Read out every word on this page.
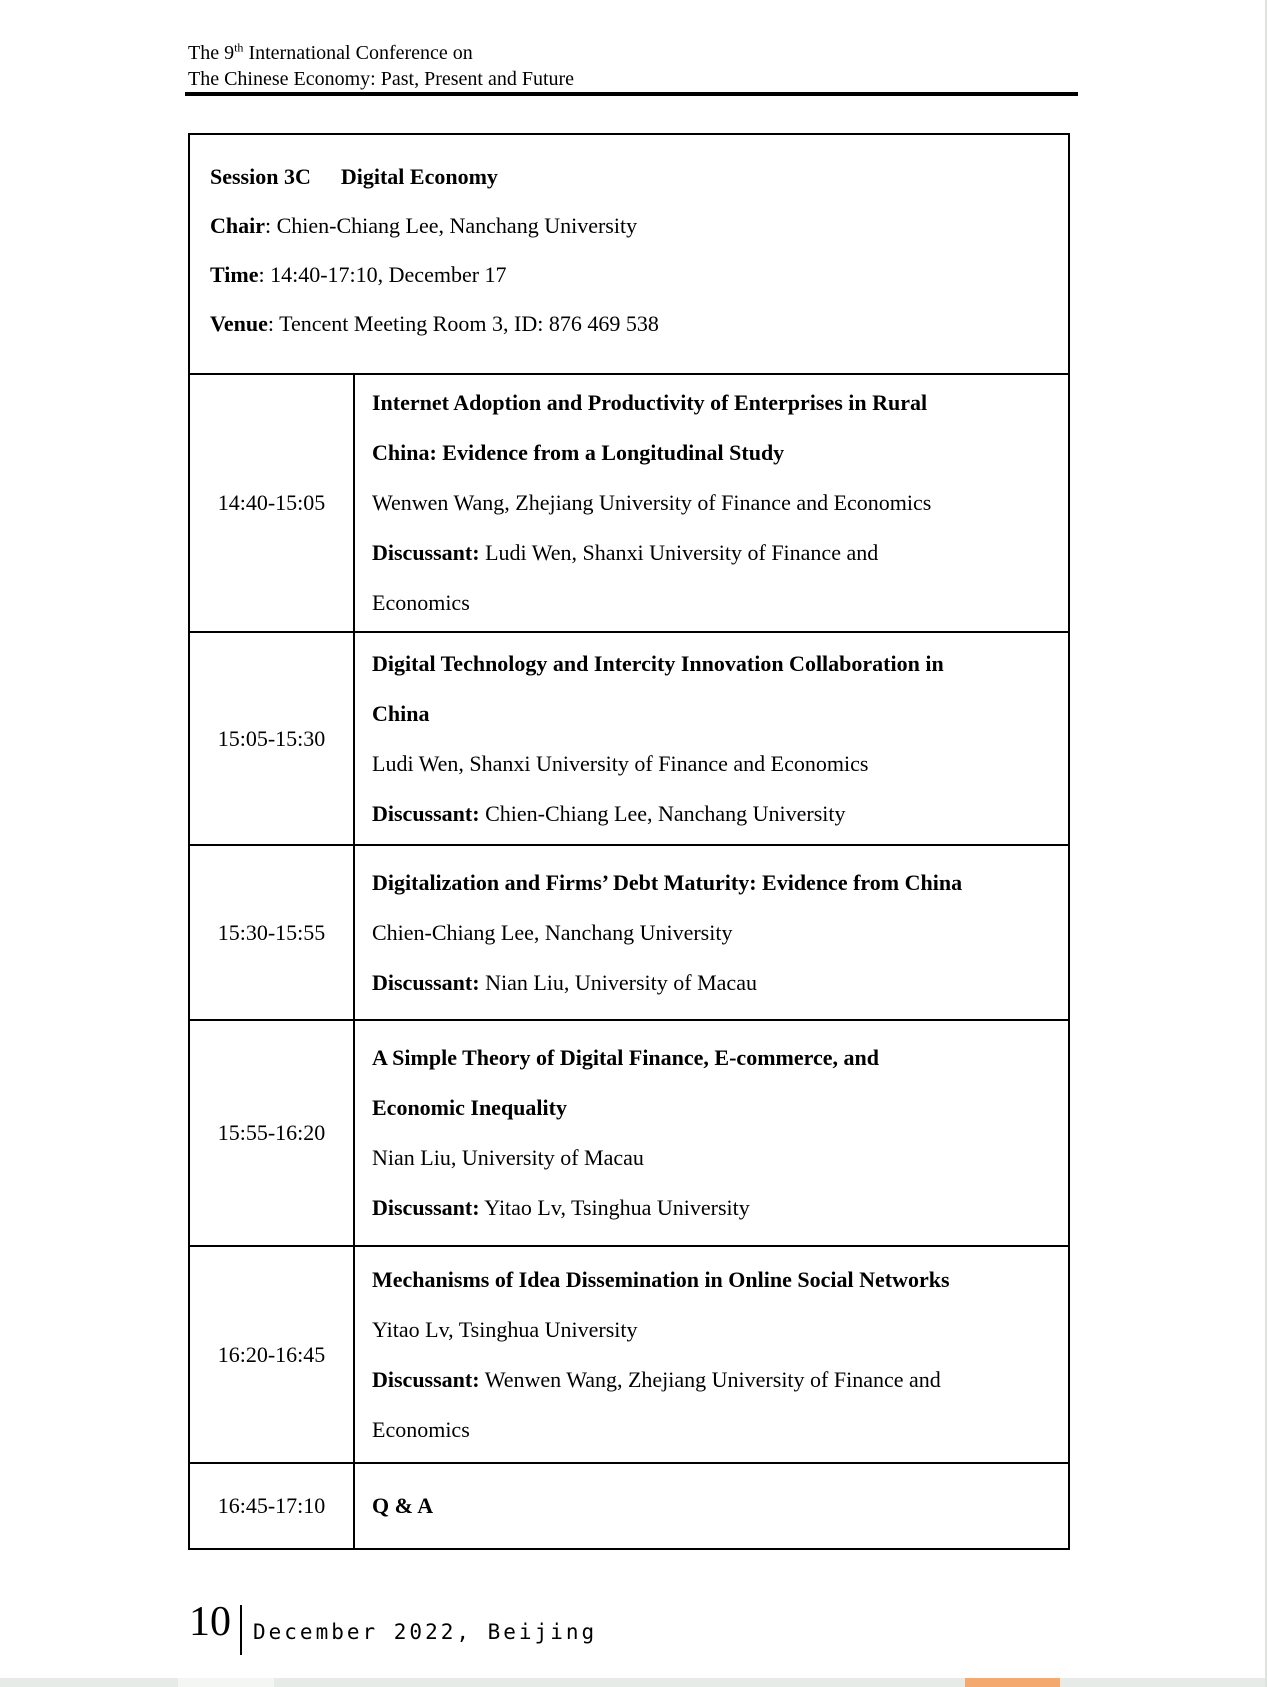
The 9th International Conference on
The Chinese Economy: Past, Present and Future
Session 3C Digital Economy
Chair: Chien-Chiang Lee, Nanchang University
Time: 14:40-17:10, December 17
Venue: Tencent Meeting Room 3, ID: 876 469 538
14:40-15:05
Internet Adoption and Productivity of Enterprises in Rural
China: Evidence from a Longitudinal Study
Wenwen Wang, Zhejiang University of Finance and Economics
Discussant: Ludi Wen, Shanxi University of Finance and
Economics
15:05-15:30
Digital Technology and Intercity Innovation Collaboration in
China
Ludi Wen, Shanxi University of Finance and Economics
Discussant: Chien-Chiang Lee, Nanchang University
15:30-15:55
Digitalization and Firms’ Debt Maturity: Evidence from China
Chien-Chiang Lee, Nanchang University
Discussant: Nian Liu, University of Macau
15:55-16:20
A Simple Theory of Digital Finance, E-commerce, and
Economic Inequality
Nian Liu, University of Macau
Discussant: Yitao Lv, Tsinghua University
16:20-16:45
Mechanisms of Idea Dissemination in Online Social Networks
Yitao Lv, Tsinghua University
Discussant: Wenwen Wang, Zhejiang University of Finance and
Economics
16:45-17:10	Q & A
10 December 2022, Beijing
